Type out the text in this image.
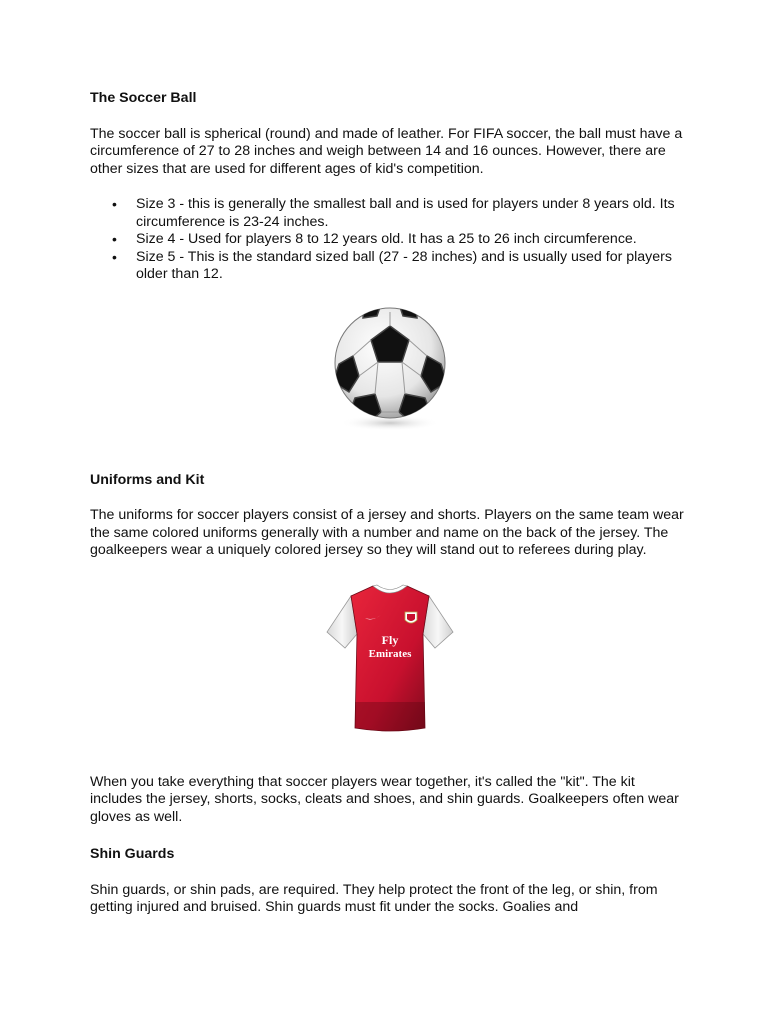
The Soccer Ball

The soccer ball is spherical (round) and made of leather. For FIFA soccer, the ball must have a circumference of 27 to 28 inches and weigh between 14 and 16 ounces. However, there are other sizes that are used for different ages of kid's competition.

• Size 3 - this is generally the smallest ball and is used for players under 8 years old. Its circumference is 23-24 inches.
• Size 4 - Used for players 8 to 12 years old. It has a 25 to 26 inch circumference.
• Size 5 - This is the standard sized ball (27 - 28 inches) and is usually used for players older than 12.
Uniforms and Kit

The uniforms for soccer players consist of a jersey and shorts. Players on the same team wear the same colored uniforms generally with a number and name on the back of the jersey. The goalkeepers wear a uniquely colored jersey so they will stand out to referees during play.

Fly
Emirates

When you take everything that soccer players wear together, it's called the "kit". The kit includes the jersey, shorts, socks, cleats and shoes, and shin guards. Goalkeepers often wear gloves as well.

Shin Guards

Shin guards, or shin pads, are required. They help protect the front of the leg, or shin, from getting injured and bruised. Shin guards must fit under the socks. Goalies and
